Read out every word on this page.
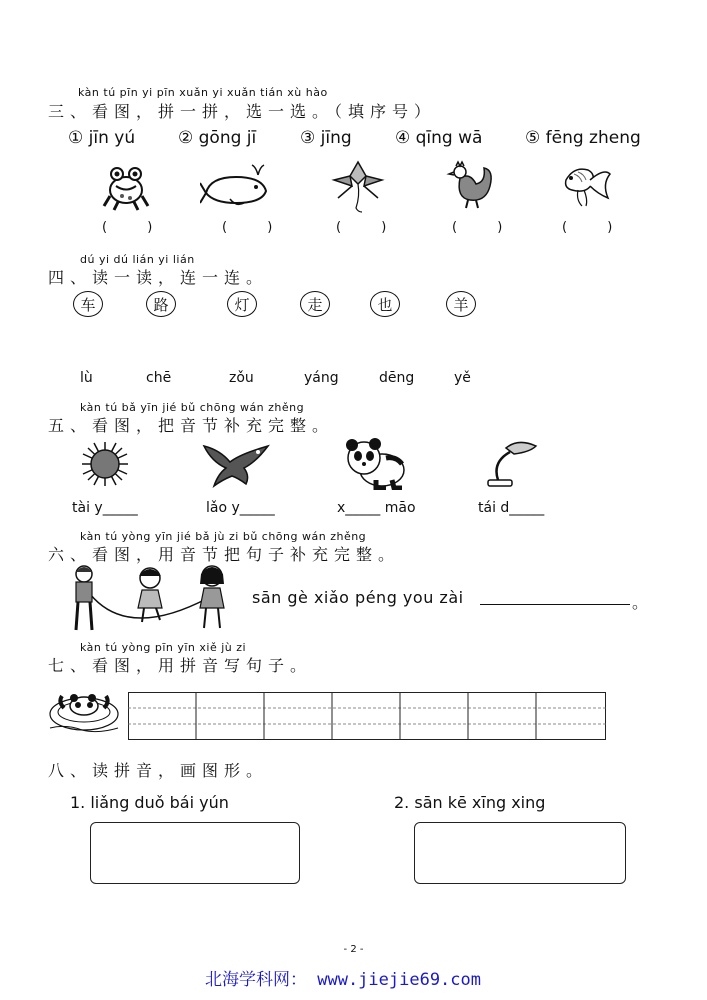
kàn tú pīn yi pīn xuǎn yi xuǎn tián xù hào
三、看图，拼一拼，选一选。（填序号）
① jīn yú	② gōng jī	③ jīng	④ qīng wā	⑤ fēng zheng
( )	( )	( )	( )	( )
dú yi dú lián yi lián
四、读一读，连一连。
车	路	灯	走	也	羊
lù	chē	zǒu	yáng	dēng	yě
kàn tú bǎ yīn jié bǔ chōng wán zhěng
五、看图，把音节补充完整。
tài y_____	lǎo y_____	x_____ māo	tái d_____
kàn tú yòng yīn jié bǎ jù zi bǔ chōng wán zhěng
六、看图，用音节把句子补充完整。
sān gè xiǎo péng you zài	。
kàn tú yòng pīn yīn xiě jù zi
七、看图，用拼音写句子。
八、读拼音，画图形。
1. liǎng duǒ bái yún	2. sān kē xīng xing
- 2 -
北海学科网： www.jiejie69.com
